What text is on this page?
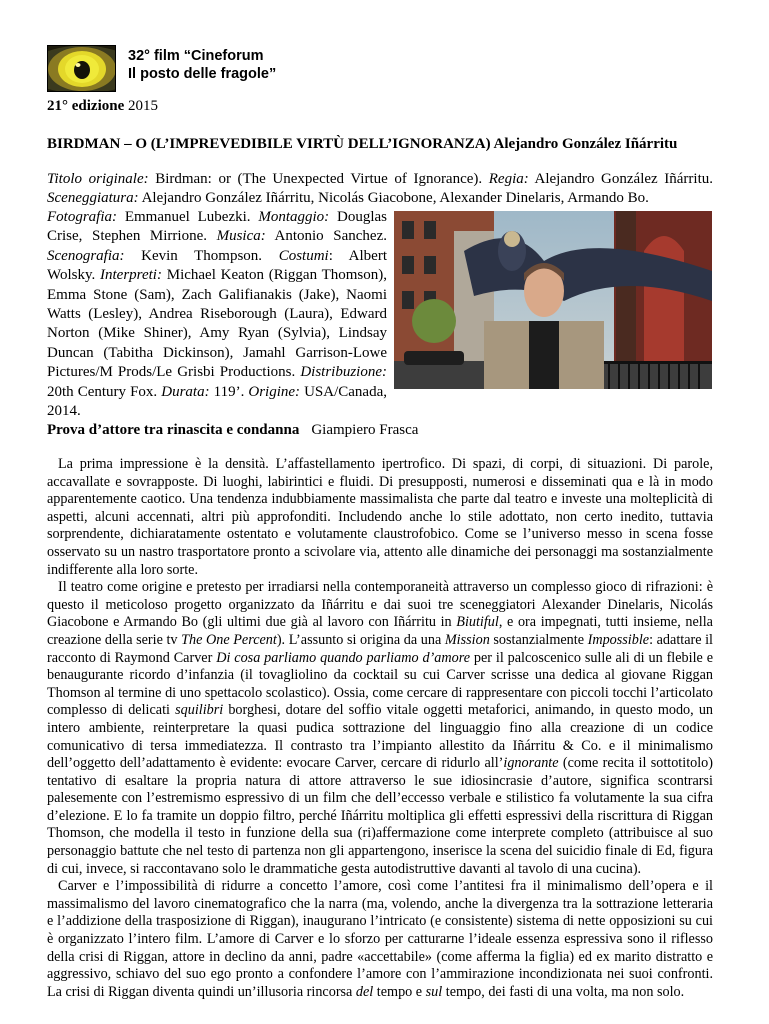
32° film “Cineforum
Il posto delle fragole”
21° edizione 2015
BIRDMAN – O (L’IMPREVEDIBILE VIRTÙ DELL’IGNORANZA) Alejandro González Iñárritu
Titolo originale: Birdman: or (The Unexpected Virtue of Ignorance). Regia: Alejandro González Iñárritu. Sceneggiatura: Alejandro González Iñárritu, Nicolás Giacobone, Alexander Dinelaris, Armando Bo.
Fotografia: Emmanuel Lubezki. Montaggio: Douglas Crise, Stephen Mirrione. Musica: Antonio Sanchez. Scenografia: Kevin Thompson. Costumi: Albert Wolsky. Interpreti: Michael Keaton (Riggan Thomson), Emma Stone (Sam), Zach Galifianakis (Jake), Naomi Watts (Lesley), Andrea Riseborough (Laura), Edward Norton (Mike Shiner), Amy Ryan (Sylvia), Lindsay Duncan (Tabitha Dickinson), Jamahl Garrison-Lowe Pictures/M Prods/Le Grisbi Productions. Distribuzione: 20th Century Fox. Durata: 119’. Origine: USA/Canada, 2014.
Prova d’attore tra rinascita e condanna Giampiero Frasca

La prima impressione è la densità. L’affastellamento ipertrofico. Di spazi, di corpi, di situazioni. Di parole, accavallate e sovrapposte. Di luoghi, labirintici e fluidi. Di presupposti, numerosi e disseminati qua e là in modo apparentemente caotico. Una tendenza indubbiamente massimalista che parte dal teatro e investe una molteplicità di aspetti, alcuni accennati, altri più approfonditi. Includendo anche lo stile adottato, non certo inedito, tuttavia sorprendente, dichiaratamente ostentato e volutamente claustrofobico. Come se l’universo messo in scena fosse osservato su un nastro trasportatore pronto a scivolare via, attento alle dinamiche dei personaggi ma sostanzialmente indifferente alla loro sorte.

Il teatro come origine e pretesto per irradiarsi nella contemporaneità attraverso un complesso gioco di rifrazioni: è questo il meticoloso progetto organizzato da Iñárritu e dai suoi tre sceneggiatori Alexander Dinelaris, Nicolás Giacobone e Armando Bo (gli ultimi due già al lavoro con Iñárritu in Biutiful, e ora impegnati, tutti insieme, nella creazione della serie tv The One Percent). L’assunto si origina da una Mission sostanzialmente Impossible: adattare il racconto di Raymond Carver Di cosa parliamo quando parliamo d’amore per il palcoscenico sulle ali di un flebile e benaugurante ricordo d’infanzia (il tovagliolino da cocktail su cui Carver scrisse una dedica al giovane Riggan Thomson al termine di uno spettacolo scolastico). Ossia, come cercare di rappresentare con piccoli tocchi l’articolato complesso di delicati squilibri borghesi, dotare del soffio vitale oggetti metaforici, animando, in questo modo, un intero ambiente, reinterpretare la quasi pudica sottrazione del linguaggio fino alla creazione di un codice comunicativo di tersa immediatezza. Il contrasto tra l’impianto allestito da Iñárritu & Co. e il minimalismo dell’oggetto dell’adattamento è evidente: evocare Carver, cercare di ridurlo all’ignorante (come recita il sottotitolo) tentativo di esaltare la propria natura di attore attraverso le sue idiosincrasie d’autore, significa scontrarsi palesemente con l’estremismo espressivo di un film che dell’eccesso verbale e stilistico fa volutamente la sua cifra d’elezione. E lo fa tramite un doppio filtro, perché Iñárritu moltiplica gli effetti espressivi della riscrittura di Riggan Thomson, che modella il testo in funzione della sua (ri)affermazione come interprete completo (attribuisce al suo personaggio battute che nel testo di partenza non gli appartengono, inserisce la scena del suicidio finale di Ed, figura di cui, invece, si raccontavano solo le drammatiche gesta autodistruttive davanti al tavolo di una cucina).

Carver e l’impossibilità di ridurre a concetto l’amore, così come l’antitesi fra il minimalismo dell’opera e il massimalismo del lavoro cinematografico che la narra (ma, volendo, anche la divergenza tra la sottrazione letteraria e l’addizione della trasposizione di Riggan), inaugurano l’intricato (e consistente) sistema di nette opposizioni su cui è organizzato l’intero film. L’amore di Carver e lo sforzo per catturarne l’ideale essenza espressiva sono il riflesso della crisi di Riggan, attore in declino da anni, padre «accettabile» (come afferma la figlia) ed ex marito distratto e aggressivo, schiavo del suo ego pronto a confondere l’amore con l’ammirazione incondizionata nei suoi confronti. La crisi di Riggan diventa quindi un’illusoria rincorsa del tempo e sul tempo, dei fasti di una volta, ma non solo.
